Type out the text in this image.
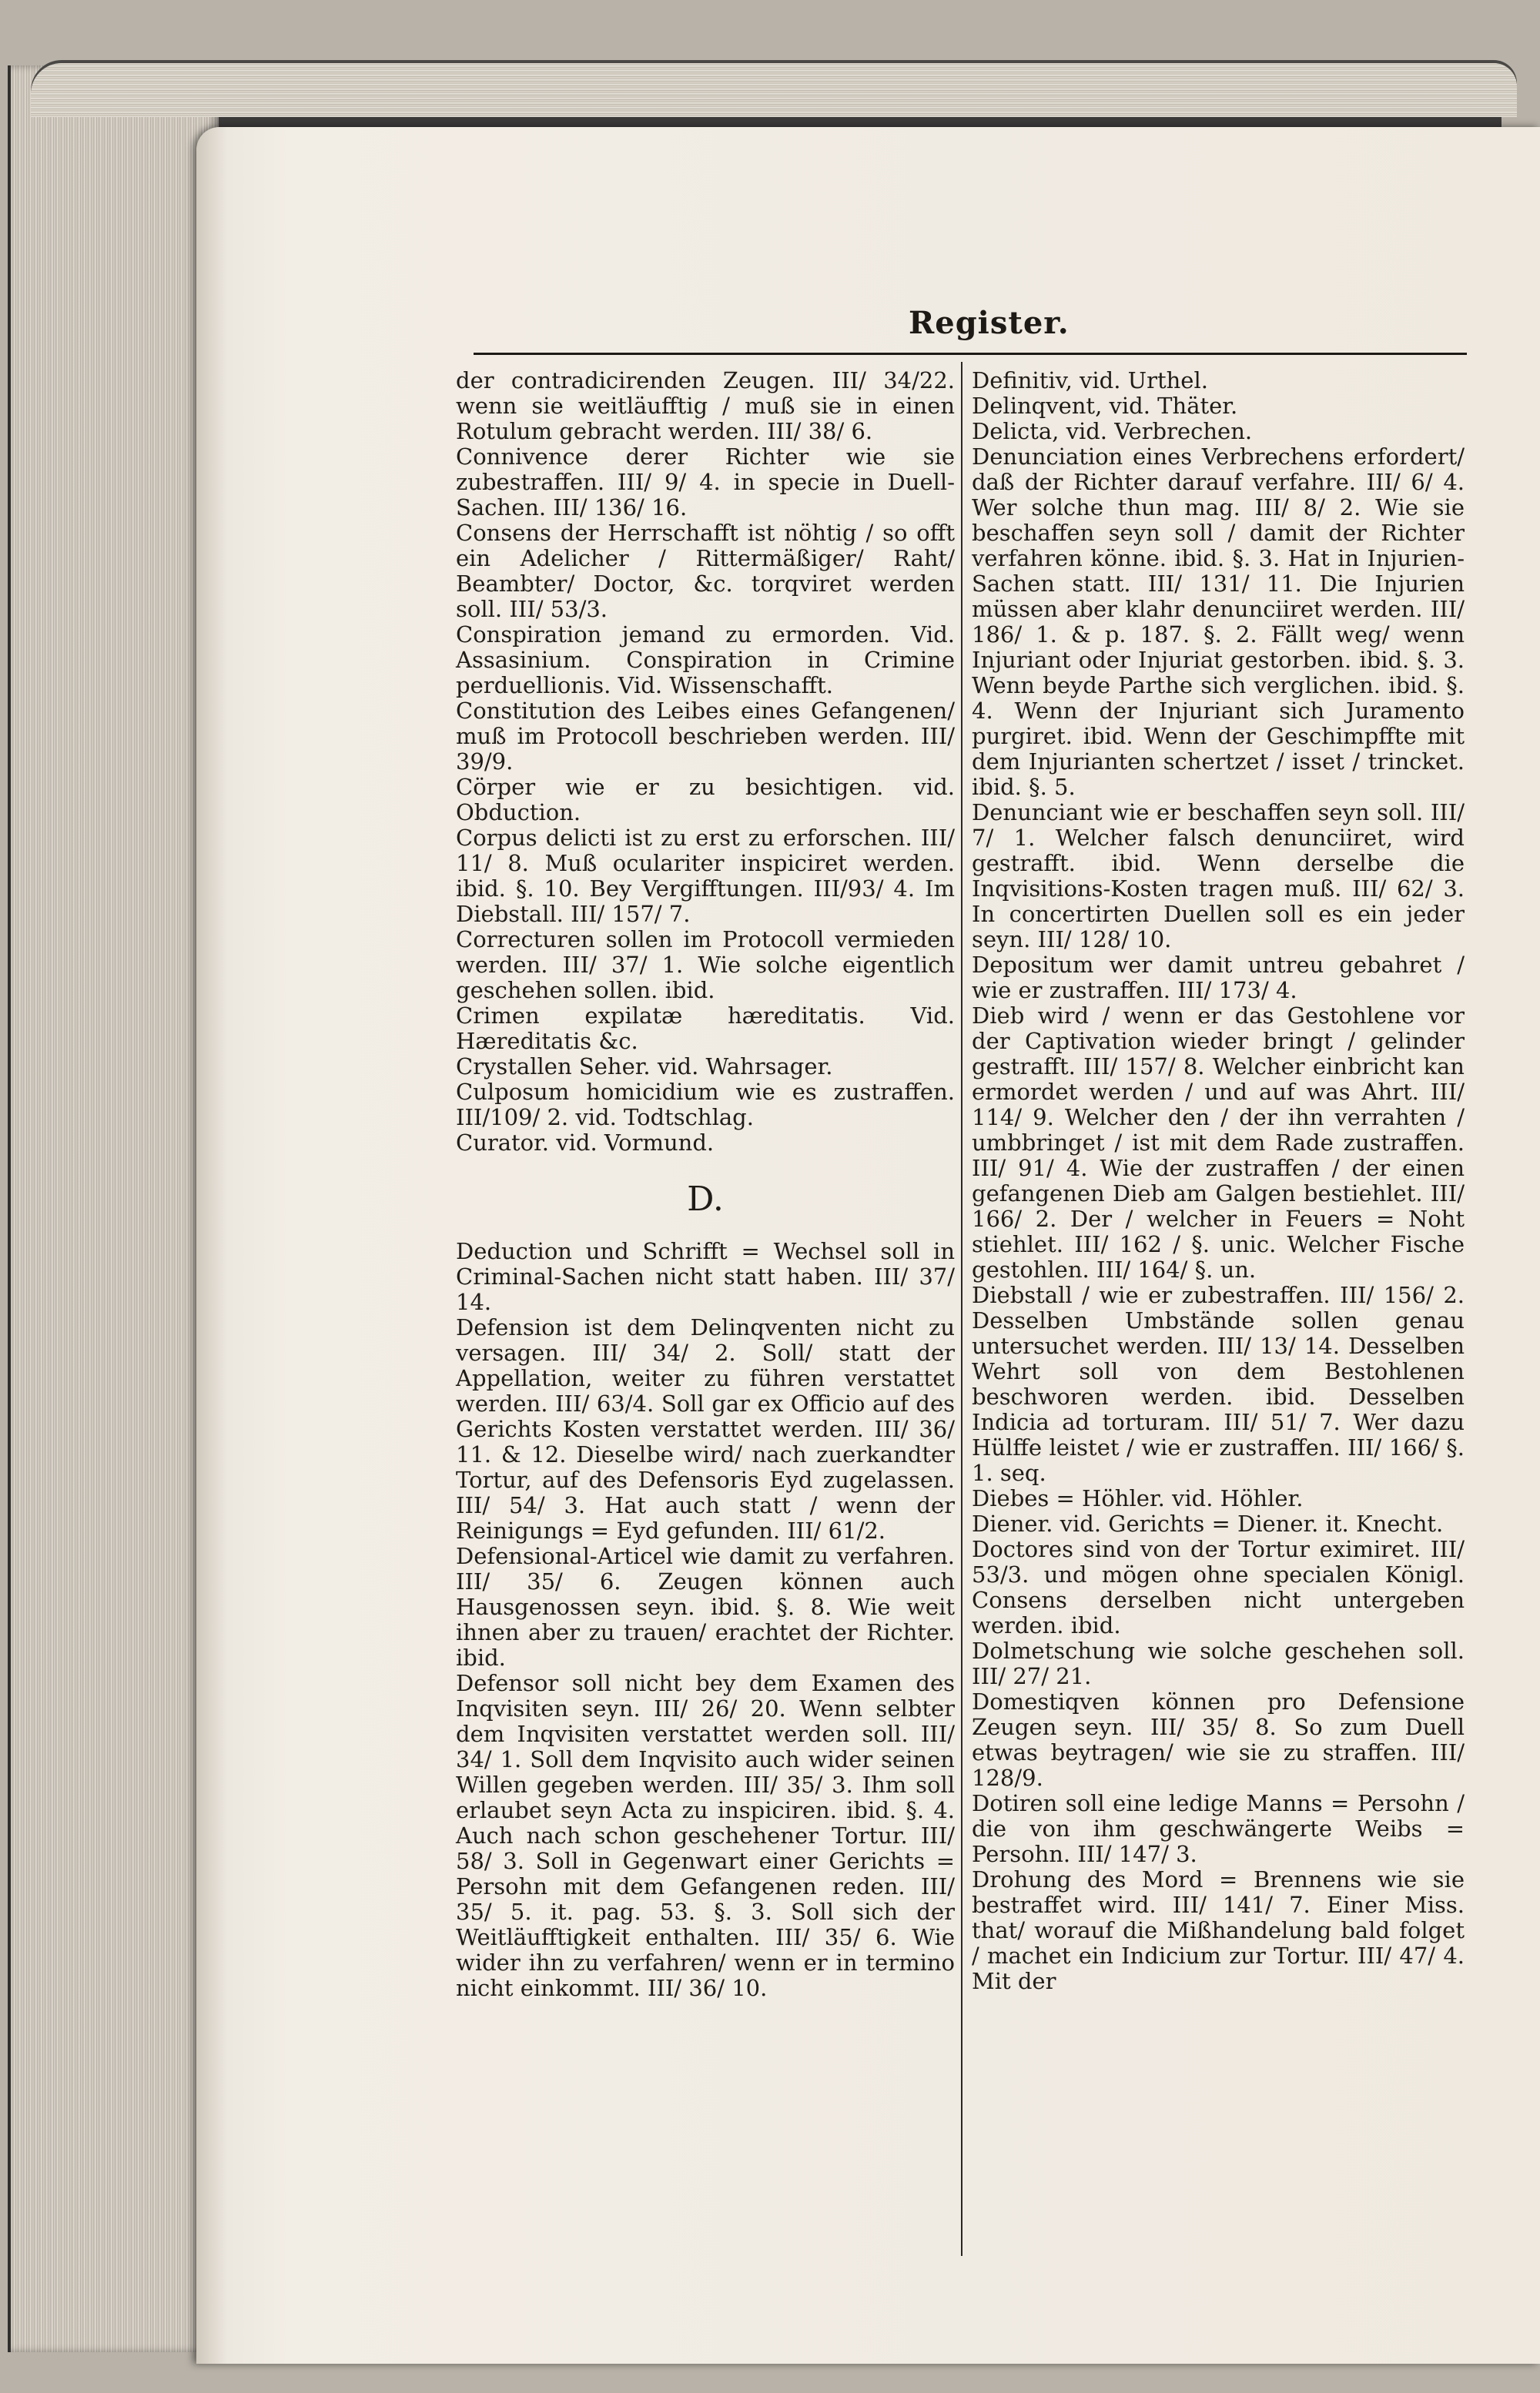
Register.
der contradicirenden Zeugen. III/ 34/22. wenn sie weitläufftig / muß sie in einen Rotulum gebracht werden. III/ 38/ 6.
Connivence derer Richter wie sie zubestraffen. III/ 9/ 4. in specie in Duell-Sachen. III/ 136/ 16.
Consens der Herrschafft ist nöhtig / so offt ein Adelicher / Rittermäßiger/ Raht/ Beambter/ Doctor, &c. torqviret werden soll. III/ 53/3.
Conspiration jemand zu ermorden. Vid. Assasinium. Conspiration in Crimine perduellionis. Vid. Wissenschafft.
Constitution des Leibes eines Gefangenen/ muß im Protocoll beschrieben werden. III/ 39/9.
Cörper wie er zu besichtigen. vid. Obduction.
Corpus delicti ist zu erst zu erforschen. III/ 11/ 8. Muß oculariter inspiciret werden. ibid. §. 10. Bey Vergifftungen. III/93/ 4. Im Diebstall. III/ 157/ 7.
Correcturen sollen im Protocoll vermieden werden. III/ 37/ 1. Wie solche eigentlich geschehen sollen. ibid.
Crimen expilatæ hæreditatis. Vid. Hæreditatis &c.
Crystallen Seher. vid. Wahrsager.
Culposum homicidium wie es zustraffen. III/109/ 2. vid. Todtschlag.
Curator. vid. Vormund.
D.
Deduction und Schrifft = Wechsel soll in Criminal-Sachen nicht statt haben. III/ 37/ 14.
Defension ist dem Delinqventen nicht zu versagen. III/ 34/ 2. Soll/ statt der Appellation, weiter zu führen verstattet werden. III/ 63/4. Soll gar ex Officio auf des Gerichts Kosten verstattet werden. III/ 36/ 11. & 12. Dieselbe wird/ nach zuerkandter Tortur, auf des Defensoris Eyd zugelassen. III/ 54/ 3. Hat auch statt / wenn der Reinigungs = Eyd gefunden. III/ 61/2.
Defensional-Articel wie damit zu verfahren. III/ 35/ 6. Zeugen können auch Hausgenossen seyn. ibid. §. 8. Wie weit ihnen aber zu trauen/ erachtet der Richter. ibid.
Defensor soll nicht bey dem Examen des Inqvisiten seyn. III/ 26/ 20. Wenn selbter dem Inqvisiten verstattet werden soll. III/ 34/ 1. Soll dem Inqvisito auch wider seinen Willen gegeben werden. III/ 35/ 3. Ihm soll erlaubet seyn Acta zu inspiciren. ibid. §. 4. Auch nach schon geschehener Tortur. III/ 58/ 3. Soll in Gegenwart einer Gerichts = Persohn mit dem Gefangenen reden. III/ 35/ 5. it. pag. 53. §. 3. Soll sich der Weitläufftigkeit enthalten. III/ 35/ 6. Wie wider ihn zu verfahren/ wenn er in termino nicht einkommt. III/ 36/ 10.
Definitiv, vid. Urthel.
Delinqvent, vid. Thäter.
Delicta, vid. Verbrechen.
Denunciation eines Verbrechens erfordert/ daß der Richter darauf verfahre. III/ 6/ 4. Wer solche thun mag. III/ 8/ 2. Wie sie beschaffen seyn soll / damit der Richter verfahren könne. ibid. §. 3. Hat in Injurien-Sachen statt. III/ 131/ 11. Die Injurien müssen aber klahr denunciiret werden. III/ 186/ 1. & p. 187. §. 2. Fällt weg/ wenn Injuriant oder Injuriat gestorben. ibid. §. 3. Wenn beyde Parthe sich verglichen. ibid. §. 4. Wenn der Injuriant sich Juramento purgiret. ibid. Wenn der Geschimpffte mit dem Injurianten schertzet / isset / trincket. ibid. §. 5.
Denunciant wie er beschaffen seyn soll. III/ 7/ 1. Welcher falsch denunciiret, wird gestrafft. ibid. Wenn derselbe die Inqvisitions-Kosten tragen muß. III/ 62/ 3. In concertirten Duellen soll es ein jeder seyn. III/ 128/ 10.
Depositum wer damit untreu gebahret / wie er zustraffen. III/ 173/ 4.
Dieb wird / wenn er das Gestohlene vor der Captivation wieder bringt / gelinder gestrafft. III/ 157/ 8. Welcher einbricht kan ermordet werden / und auf was Ahrt. III/ 114/ 9. Welcher den / der ihn verrahten / umbbringet / ist mit dem Rade zustraffen. III/ 91/ 4. Wie der zustraffen / der einen gefangenen Dieb am Galgen bestiehlet. III/ 166/ 2. Der / welcher in Feuers = Noht stiehlet. III/ 162 / §. unic. Welcher Fische gestohlen. III/ 164/ §. un.
Diebstall / wie er zubestraffen. III/ 156/ 2. Desselben Umbstände sollen genau untersuchet werden. III/ 13/ 14. Desselben Wehrt soll von dem Bestohlenen beschworen werden. ibid. Desselben Indicia ad torturam. III/ 51/ 7. Wer dazu Hülffe leistet / wie er zustraffen. III/ 166/ §. 1. seq.
Diebes = Höhler. vid. Höhler.
Diener. vid. Gerichts = Diener. it. Knecht.
Doctores sind von der Tortur eximiret. III/ 53/3. und mögen ohne specialen Königl. Consens derselben nicht untergeben werden. ibid.
Dolmetschung wie solche geschehen soll. III/ 27/ 21.
Domestiqven können pro Defensione Zeugen seyn. III/ 35/ 8. So zum Duell etwas beytragen/ wie sie zu straffen. III/ 128/9.
Dotiren soll eine ledige Manns = Persohn / die von ihm geschwängerte Weibs = Persohn. III/ 147/ 3.
Drohung des Mord = Brennens wie sie bestraffet wird. III/ 141/ 7. Einer Miss. that/ worauf die Mißhandelung bald folget / machet ein Indicium zur Tortur. III/ 47/ 4. Mit der
